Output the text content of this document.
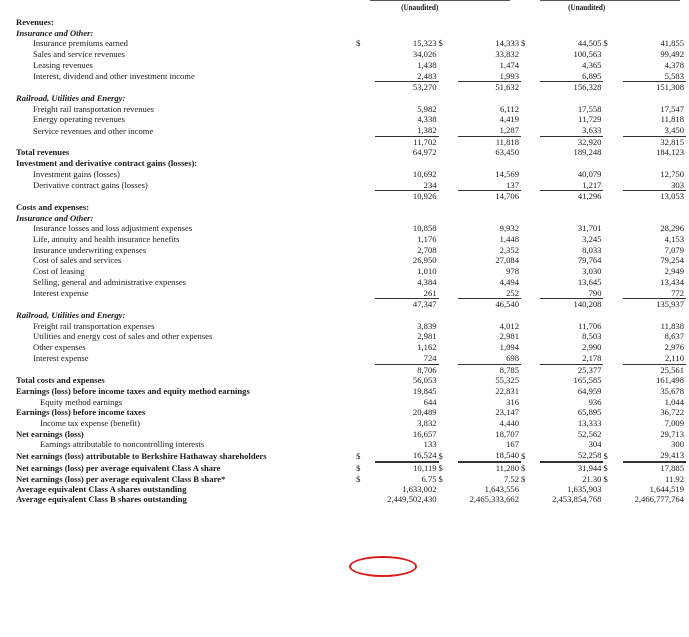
(Unaudited)	(Unaudited)
Revenues:								
Insurance and Other:								
Insurance premiums earned	$	15,323	$	14,333	$	44,505	$	41,855
Sales and service revenues		34,026		33,832		100,563		99,492
Leasing revenues		1,438		1,474		4,365		4,378
Interest, dividend and other investment income		2,483		1,993		6,895		5,583
		53,270		51,632		156,328		151,308
Railroad, Utilities and Energy:								
Freight rail transportation revenues		5,982		6,112		17,558		17,547
Energy operating revenues		4,338		4,419		11,729		11,818
Service revenues and other income		1,382		1,287		3,633		3,450
		11,702		11,818		32,920		32,815
Total revenues		64,972		63,450		189,248		184,123
Investment and derivative contract gains (losses):								
Investment gains (losses)		10,692		14,569		40,079		12,750
Derivative contract gains (losses)		234		137		1,217		303
		10,926		14,706		41,296		13,053
Costs and expenses:								
Insurance and Other:								
Insurance losses and loss adjustment expenses		10,858		9,932		31,701		28,296
Life, annuity and health insurance benefits		1,176		1,448		3,245		4,153
Insurance underwriting expenses		2,708		2,352		8,033		7,079
Cost of sales and services		26,950		27,084		79,764		79,254
Cost of leasing		1,010		978		3,030		2,949
Selling, general and administrative expenses		4,384		4,494		13,645		13,434
Interest expense		261		252		790		772
		47,347		46,540		140,208		135,937
Railroad, Utilities and Energy:								
Freight rail transportation expenses		3,839		4,012		11,706		11,838
Utilities and energy cost of sales and other expenses		2,981		2,981		8,503		8,637
Other expenses		1,162		1,094		2,990		2,976
Interest expense		724		698		2,178		2,110
		8,706		8,785		25,377		25,561
Total costs and expenses		56,053		55,325		165,585		161,498
Earnings (loss) before income taxes and equity method earnings		19,845		22,831		64,959		35,678
Equity method earnings		644		316		936		1,044
Earnings (loss) before income taxes		20,489		23,147		65,895		36,722
Income tax expense (benefit)		3,832		4,440		13,333		7,009
Net earnings (loss)		16,657		18,707		52,562		29,713
Earnings attributable to noncontrolling interests		133		167		304		300
Net earnings (loss) attributable to Berkshire Hathaway shareholders	$	16,524	$	18,540	$	52,258	$	29,413
Net earnings (loss) per average equivalent Class A share	$	10,119	$	11,280	$	31,944	$	17,885
Net earnings (loss) per average equivalent Class B share*	$	6.75	$	7.52	$	21.30	$	11.92
Average equivalent Class A shares outstanding		1,633,002		1,643,556		1,635,903		1,644,519
Average equivalent Class B shares outstanding		2,449,502,430		2,465,333,662		2,453,854,768		2,466,777,764
